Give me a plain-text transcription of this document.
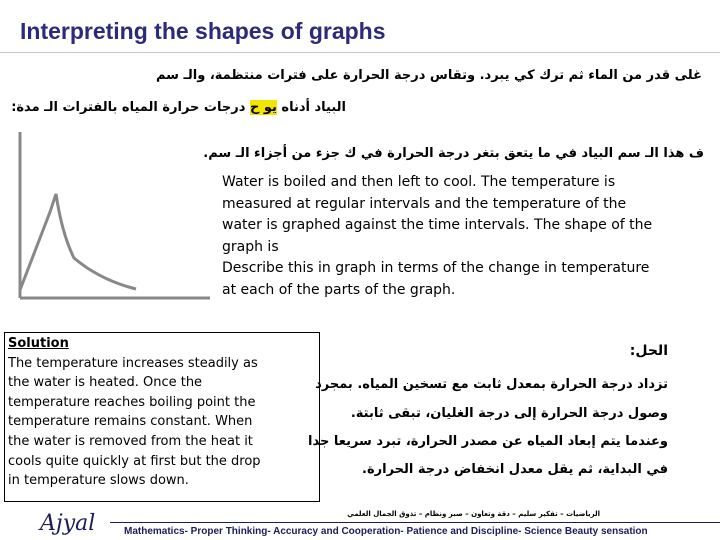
Interpreting the shapes of graphs
غلى قدر من الماء ثم ترك كي يبرد. وتقاس درجة الحرارة على فترات منتظمة، والـ سم
البياد أدناه يو ح درجات حرارة المياه بالفترات الـ مدة:
ف هذا الـ سم البياد في ما يتعق بتغر درجة الحرارة في ك جزء من أجزاء الـ سم.
Water is boiled and then left to cool. The temperature is
measured at regular intervals and the temperature of the
water is graphed against the time intervals. The shape of the
graph is
Describe this in graph in terms of the change in temperature
at each of the parts of the graph.
Solution
The temperature increases steadily as
the water is heated. Once the
temperature reaches boiling point the
temperature remains constant. When
the water is removed from the heat it
cools quite quickly at first but the drop
in temperature slows down.
الحل:
تزداد درجة الحرارة بمعدل ثابت مع تسخين المياه. بمجرد
وصول درجة الحرارة إلى درجة الغليان، تبقى ثابتة.
وعندما يتم إبعاد المياه عن مصدر الحرارة، تبرد سريعا جدا
في البداية، ثم يقل معدل انخفاض درجة الحرارة.
Ajyal	الرياضيات – تفكير سليم – دقة وتعاون – صبر ونظام – تذوق الجمال العلمي
Mathematics- Proper Thinking- Accuracy and Cooperation- Patience and Discipline- Science Beauty sensation
